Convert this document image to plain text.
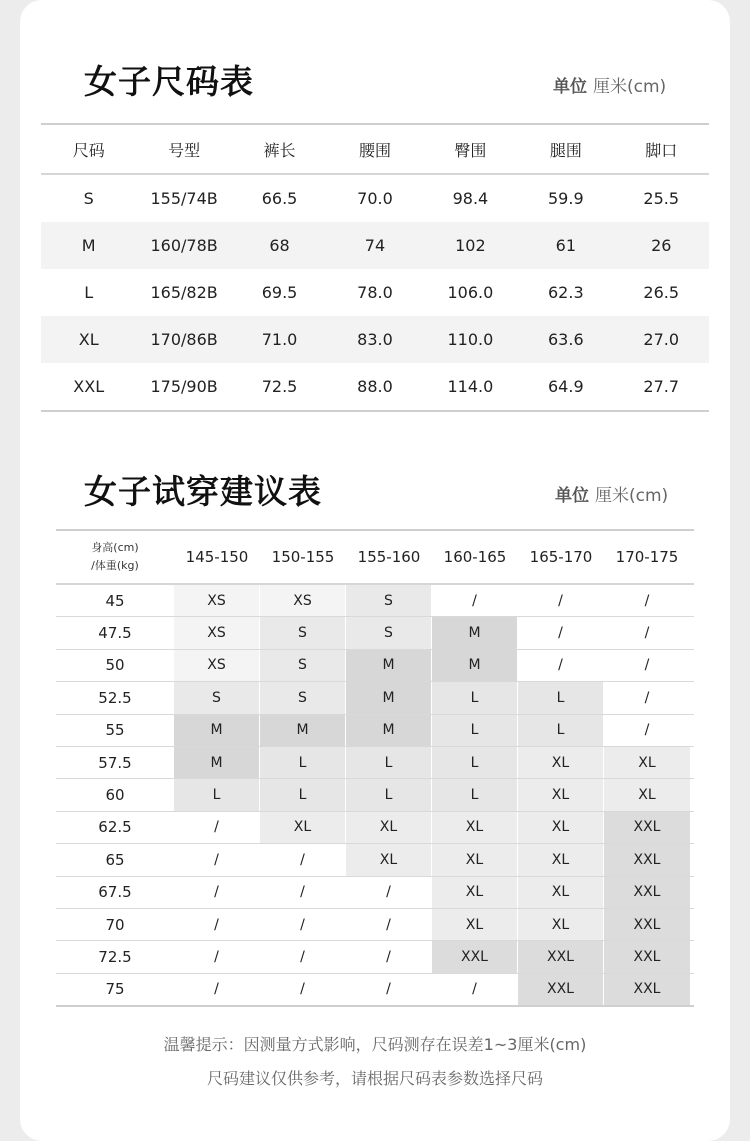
女子尺码表	单位 厘米(cm)
尺码	号型	裤长	腰围	臀围	腿围	脚口
S	155/74B	66.5	70.0	98.4	59.9	25.5
M	160/78B	68	74	102	61	26
L	165/82B	69.5	78.0	106.0	62.3	26.5
XL	170/86B	71.0	83.0	110.0	63.6	27.0
XXL	175/90B	72.5	88.0	114.0	64.9	27.7
女子试穿建议表	单位 厘米(cm)
身高(cm)
/体重(kg)	145-150	150-155	155-160	160-165	165-170	170-175
45	XS	XS	S	/	/	/
47.5	XS	S	S	M	/	/
50	XS	S	M	M	/	/
52.5	S	S	M	L	L	/
55	M	M	M	L	L	/
57.5	M	L	L	L	XL	XL
60	L	L	L	L	XL	XL
62.5	/	XL	XL	XL	XL	XXL
65	/	/	XL	XL	XL	XXL
67.5	/	/	/	XL	XL	XXL
70	/	/	/	XL	XL	XXL
72.5	/	/	/	XXL	XXL	XXL
75	/	/	/	/	XXL	XXL
温馨提示：因测量方式影响，尺码测存在误差1~3厘米(cm)
尺码建议仅供参考，请根据尺码表参数选择尺码
